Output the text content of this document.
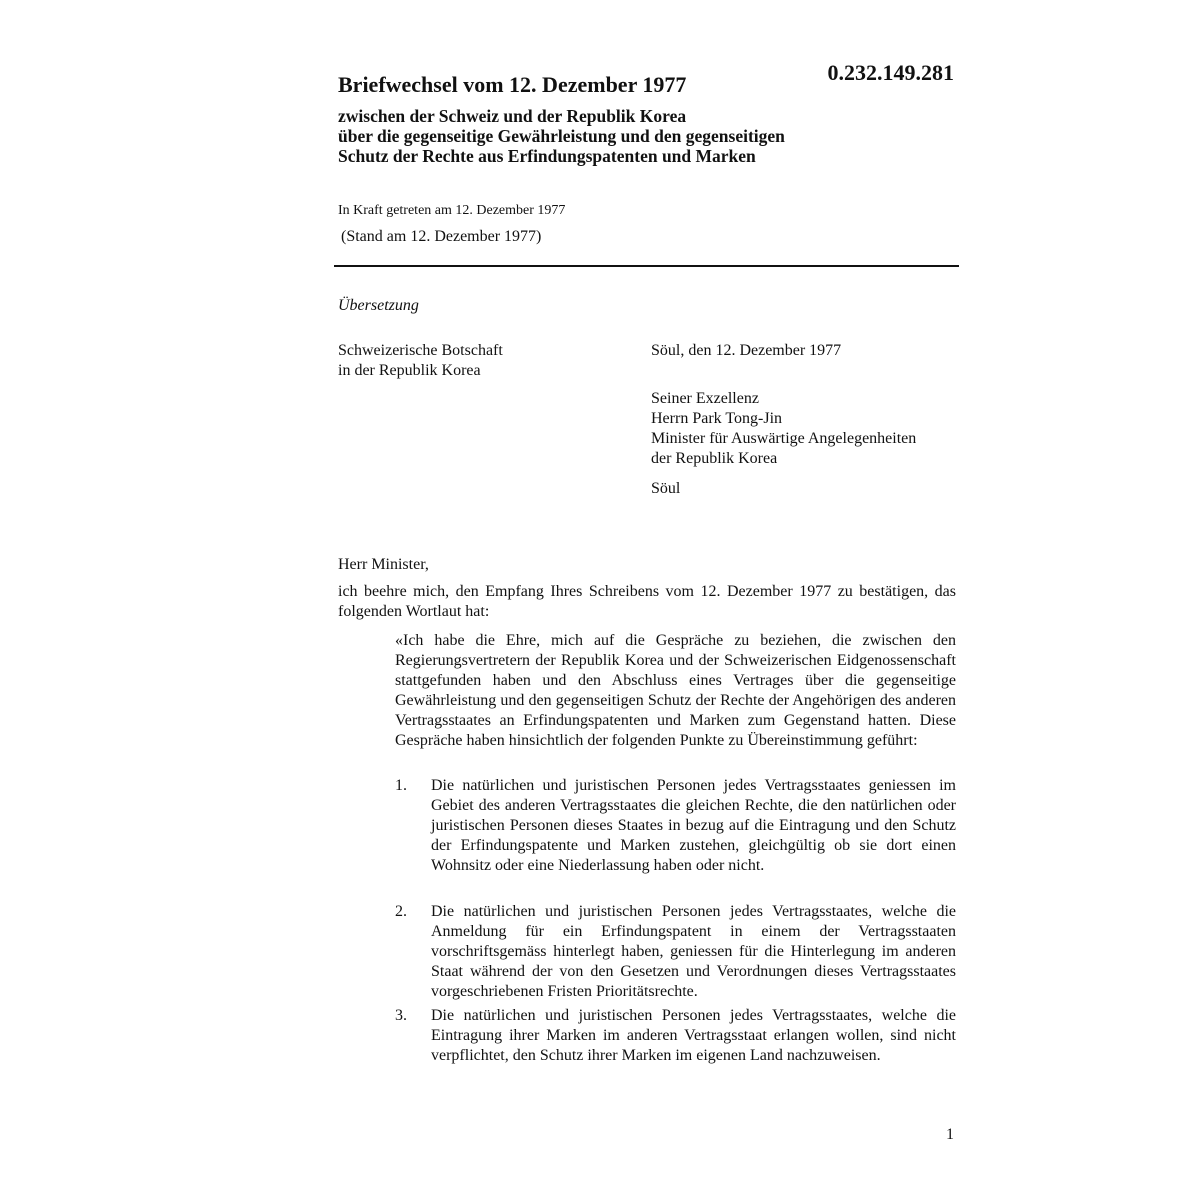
0.232.149.281
Briefwechsel vom 12. Dezember 1977
zwischen der Schweiz und der Republik Korea
über die gegenseitige Gewährleistung und den gegenseitigen
Schutz der Rechte aus Erfindungspatenten und Marken
In Kraft getreten am 12. Dezember 1977
(Stand am 12. Dezember 1977)
Übersetzung
Schweizerische Botschaft
in der Republik Korea
Söul, den 12. Dezember 1977
Seiner Exzellenz
Herrn Park Tong-Jin
Minister für Auswärtige Angelegenheiten
der Republik Korea
Söul
Herr Minister,

ich beehre mich, den Empfang Ihres Schreibens vom 12. Dezember 1977 zu bestätigen, das folgenden Wortlaut hat:

«Ich habe die Ehre, mich auf die Gespräche zu beziehen, die zwischen den Regierungsvertretern der Republik Korea und der Schweizerischen Eidgenossenschaft stattgefunden haben und den Abschluss eines Vertrages über die gegenseitige Gewährleistung und den gegenseitigen Schutz der Rechte der Angehörigen des anderen Vertragsstaates an Erfindungspatenten und Marken zum Gegenstand hatten. Diese Gespräche haben hinsichtlich der folgenden Punkte zu Übereinstimmung geführt:

1. Die natürlichen und juristischen Personen jedes Vertragsstaates geniessen im Gebiet des anderen Vertragsstaates die gleichen Rechte, die den natürlichen oder juristischen Personen dieses Staates in bezug auf die Eintragung und den Schutz der Erfindungspatente und Marken zustehen, gleichgültig ob sie dort einen Wohnsitz oder eine Niederlassung haben oder nicht.
2. Die natürlichen und juristischen Personen jedes Vertragsstaates, welche die Anmeldung für ein Erfindungspatent in einem der Vertragsstaaten vorschriftsgemäss hinterlegt haben, geniessen für die Hinterlegung im anderen Staat während der von den Gesetzen und Verordnungen dieses Vertragsstaates vorgeschriebenen Fristen Prioritätsrechte.
3. Die natürlichen und juristischen Personen jedes Vertragsstaates, welche die Eintragung ihrer Marken im anderen Vertragsstaat erlangen wollen, sind nicht verpflichtet, den Schutz ihrer Marken im eigenen Land nachzuweisen.
1
